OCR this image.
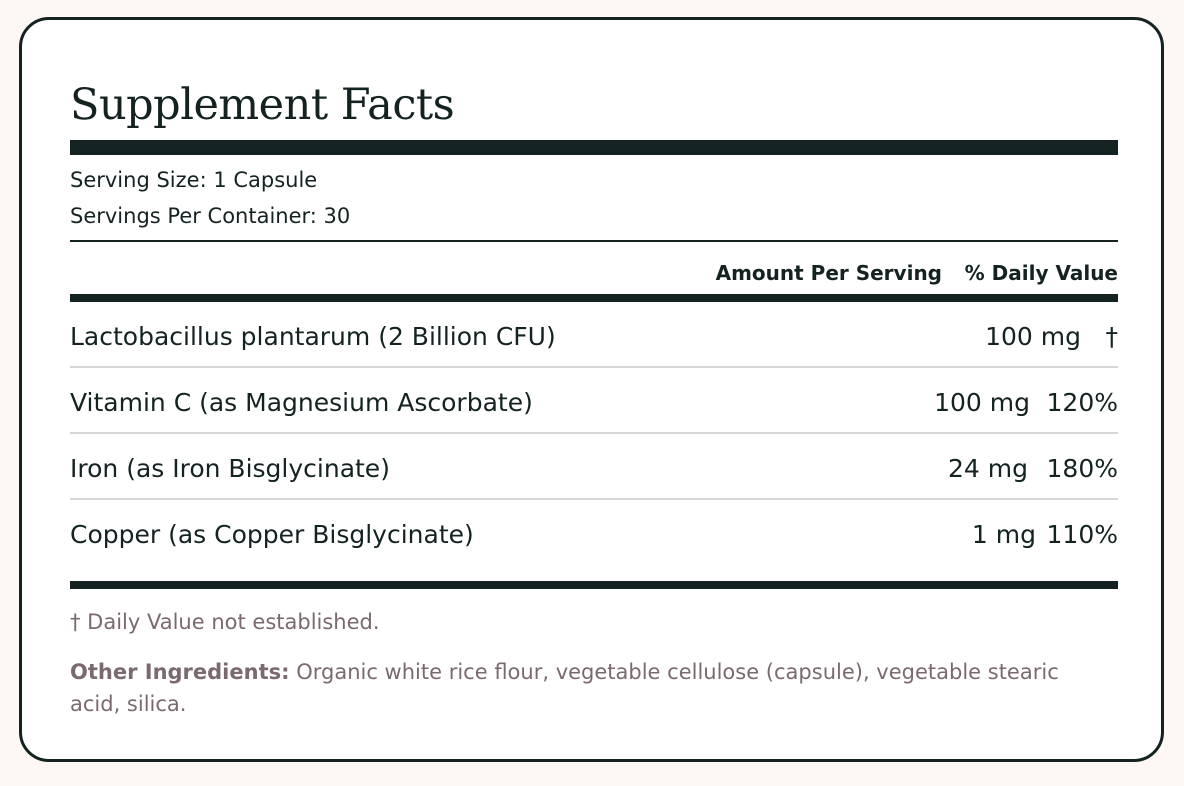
Supplement Facts
Serving Size: 1 Capsule
Servings Per Container: 30
Amount Per Serving % Daily Value
Lactobacillus plantarum (2 Billion CFU)	100 mg †
Vitamin C (as Magnesium Ascorbate)	100 mg 120%
Iron (as Iron Bisglycinate)	24 mg 180%
Copper (as Copper Bisglycinate)	1 mg 110%
† Daily Value not established.
Other Ingredients: Organic white rice flour, vegetable cellulose (capsule), vegetable stearic acid, silica.
